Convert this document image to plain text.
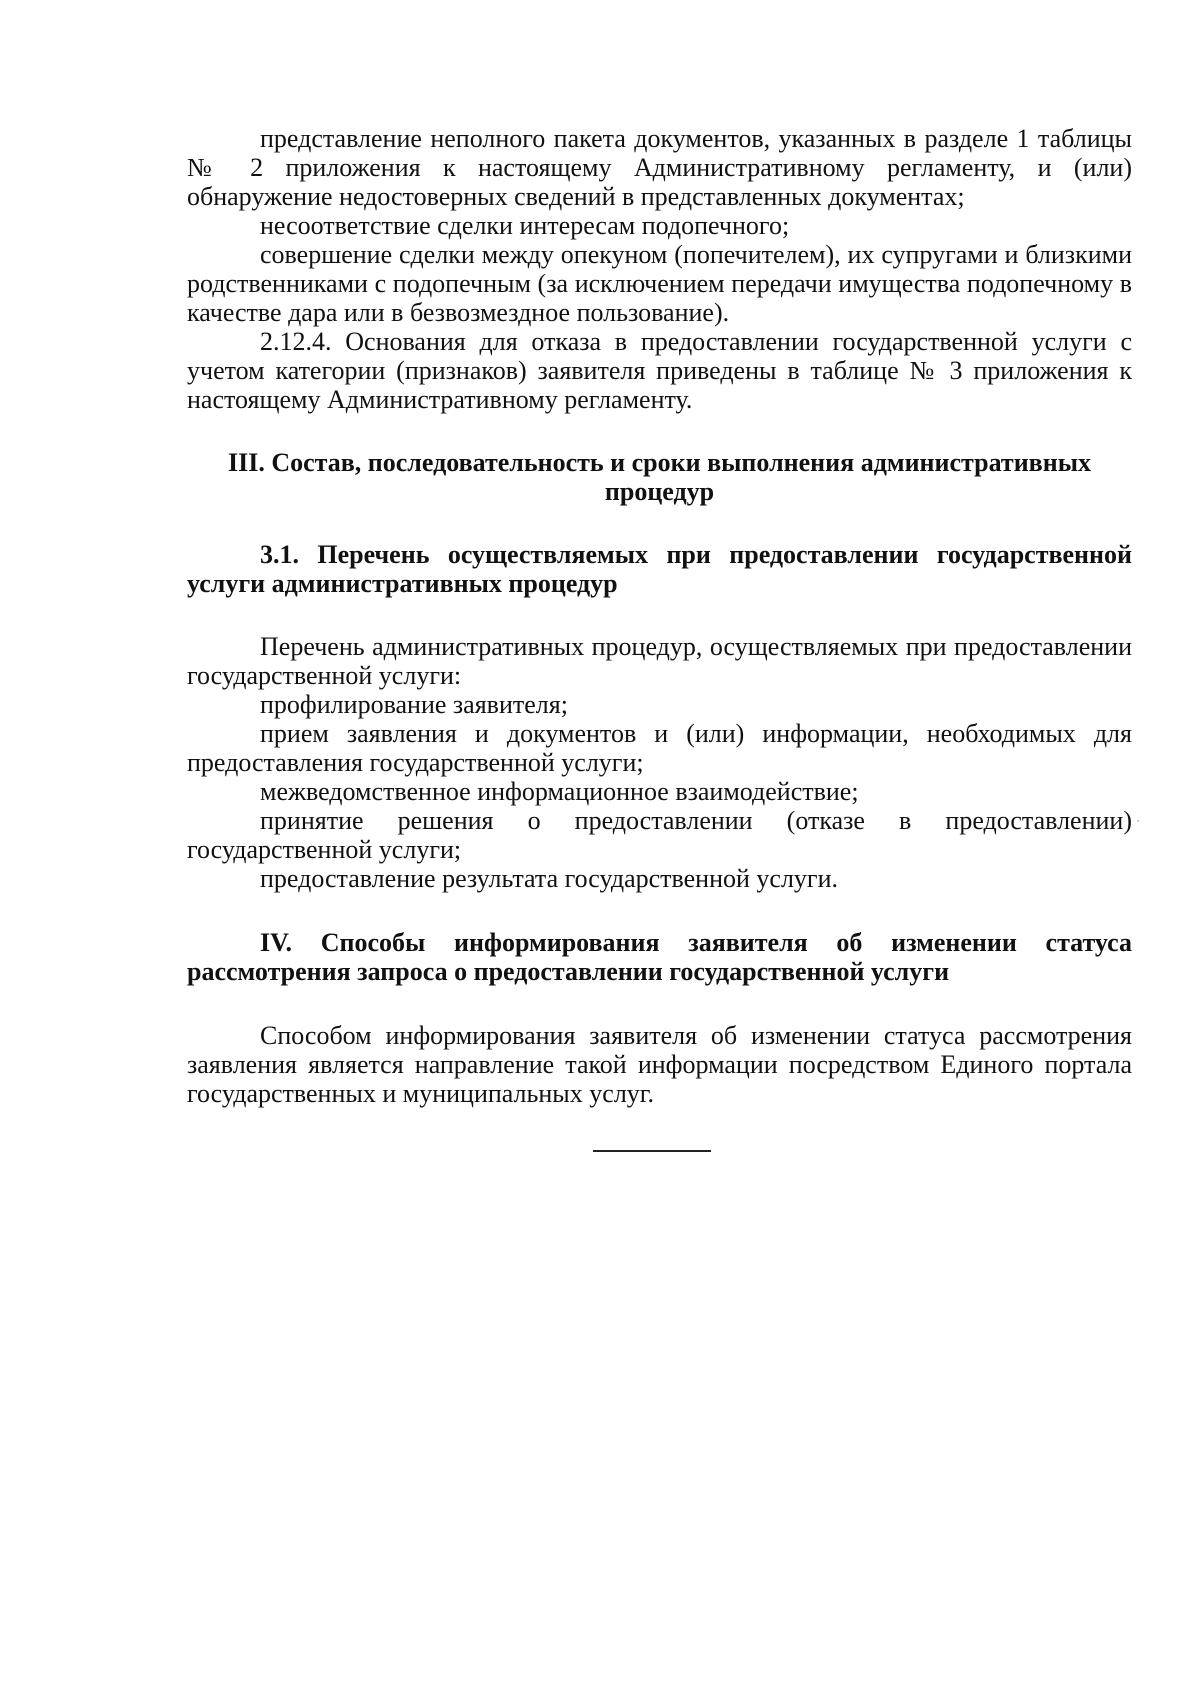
представление неполного пакета документов, указанных в разделе 1 таблицы № 2 приложения к настоящему Административному регламенту, и (или) обнаружение недостоверных сведений в представленных документах;

несоответствие сделки интересам подопечного;

совершение сделки между опекуном (попечителем), их супругами и близкими родственниками с подопечным (за исключением передачи имущества подопечному в качестве дара или в безвозмездное пользование).

2.12.4. Основания для отказа в предоставлении государственной услуги с учетом категории (признаков) заявителя приведены в таблице № 3 приложения к настоящему Административному регламенту.

III. Состав, последовательность и сроки выполнения административных процедур
3.1. Перечень осуществляемых при предоставлении государственной услуги административных процедур

Перечень административных процедур, осуществляемых при предоставлении государственной услуги:

профилирование заявителя;

прием заявления и документов и (или) информации, необходимых для предоставления государственной услуги;

межведомственное информационное взаимодействие;

принятие решения о предоставлении (отказе в предоставлении) государственной услуги;

предоставление результата государственной услуги.

IV. Способы информирования заявителя об изменении статуса рассмотрения запроса о предоставлении государственной услуги

Способом информирования заявителя об изменении статуса рассмотрения заявления является направление такой информации посредством Единого портала государственных и муниципальных услуг.
